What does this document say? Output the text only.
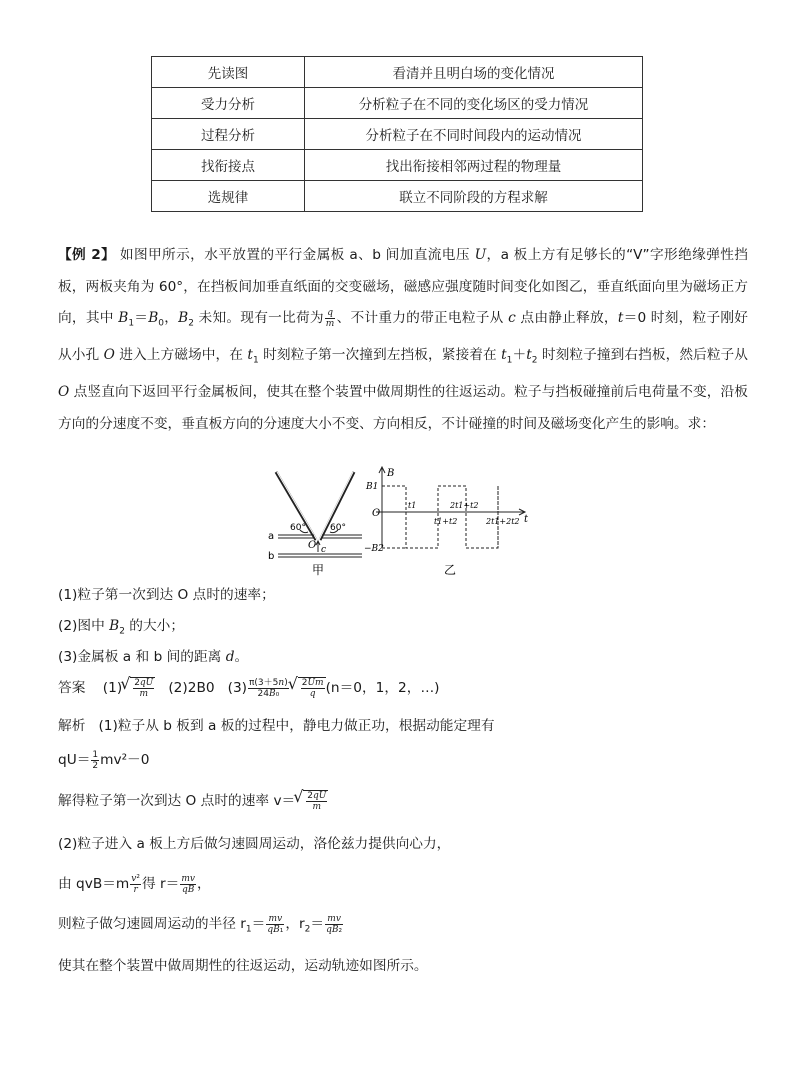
先读图	看清并且明白场的变化情况
受力分析	分析粒子在不同的变化场区的受力情况
过程分析	分析粒子在不同时间段内的运动情况
找衔接点	找出衔接相邻两过程的物理量
选规律	联立不同阶段的方程求解
【例 2】 如图甲所示，水平放置的平行金属板 a、b 间加直流电压 U，a 板上方有足够长的“V”字形绝缘弹性挡板，两板夹角为 60°，在挡板间加垂直纸面的交变磁场，磁感应强度随时间变化如图乙，垂直纸面向里为磁场正方向，其中 $B_1=B_0$，$B_2$ 未知。现有一比荷为 $\frac{q}{m}$ 、不计重力的带正电粒子从 c 点由静止释放，t＝0 时刻，粒子刚好从小孔 O 进入上方磁场中，在 $t_1$ 时刻粒子第一次撞到左挡板，紧接着在 $t_1+t_2$ 时刻粒子撞到右挡板，然后粒子从 O 点竖直向下返回平行金属板间，使其在整个装置中做周期性的往返运动。粒子与挡板碰撞前后电荷量不变，沿板方向的分速度不变，垂直板方向的分速度大小不变、方向相反，不计碰撞的时间及磁场变化产生的影响。求：
a
b
60°	60°
O c
甲
B
t
B1
−B2
O
t1
t1+t2
2t1+t2
2t1+2t2
乙
(1)粒子第一次到达 O 点时的速率；
(2)图中 $B_2$ 的大小；
(3)金属板 a 和 b 间的距离 d。
答案 (1) √ $\frac{2qU}{m} (2)2B0$ $(3) \frac{\pi(3+5n)}{\text{24B₀}}$ √ $\frac{2Um}{q} (n=0$，1，2，…)
解析 (1)粒子从 b 板到 a 板的过程中，静电力做正功，根据动能定理有
$qU= \frac{1}{2} mv^2-0$
解得粒子第一次到达 O 点时的速率 v＝ √ $\frac{2qU}{m}$
(2)粒子进入 a 板上方后做匀速圆周运动，洛伦兹力提供向心力，
由 $qvB=m \frac{\text{v²}}{r}$ 得 $r= \frac{mv}{qB}$ ，
则粒子做匀速圆周运动的半径 $r_1= \frac{mv}{\text{qB₁}}$ ，$r_2= \frac{mv}{\text{qB₂}}$
使其在整个装置中做周期性的往返运动，运动轨迹如图所示。
